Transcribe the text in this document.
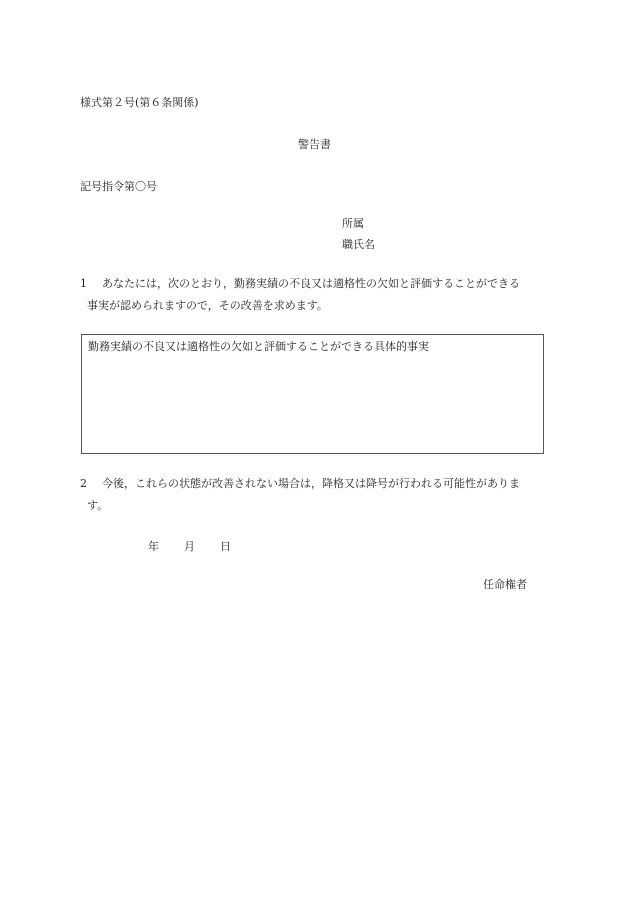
様式第２号(第６条関係)
警告書
記号指令第〇号
所属
職氏名
1 あなたには，次のとおり，勤務実績の不良又は適格性の欠如と評価することができる
事実が認められますので，その改善を求めます。
勤務実績の不良又は適格性の欠如と評価することができる具体的事実
2 今後，これらの状態が改善されない場合は，降格又は降号が行われる可能性がありま
す。
年 月 日
任命権者
